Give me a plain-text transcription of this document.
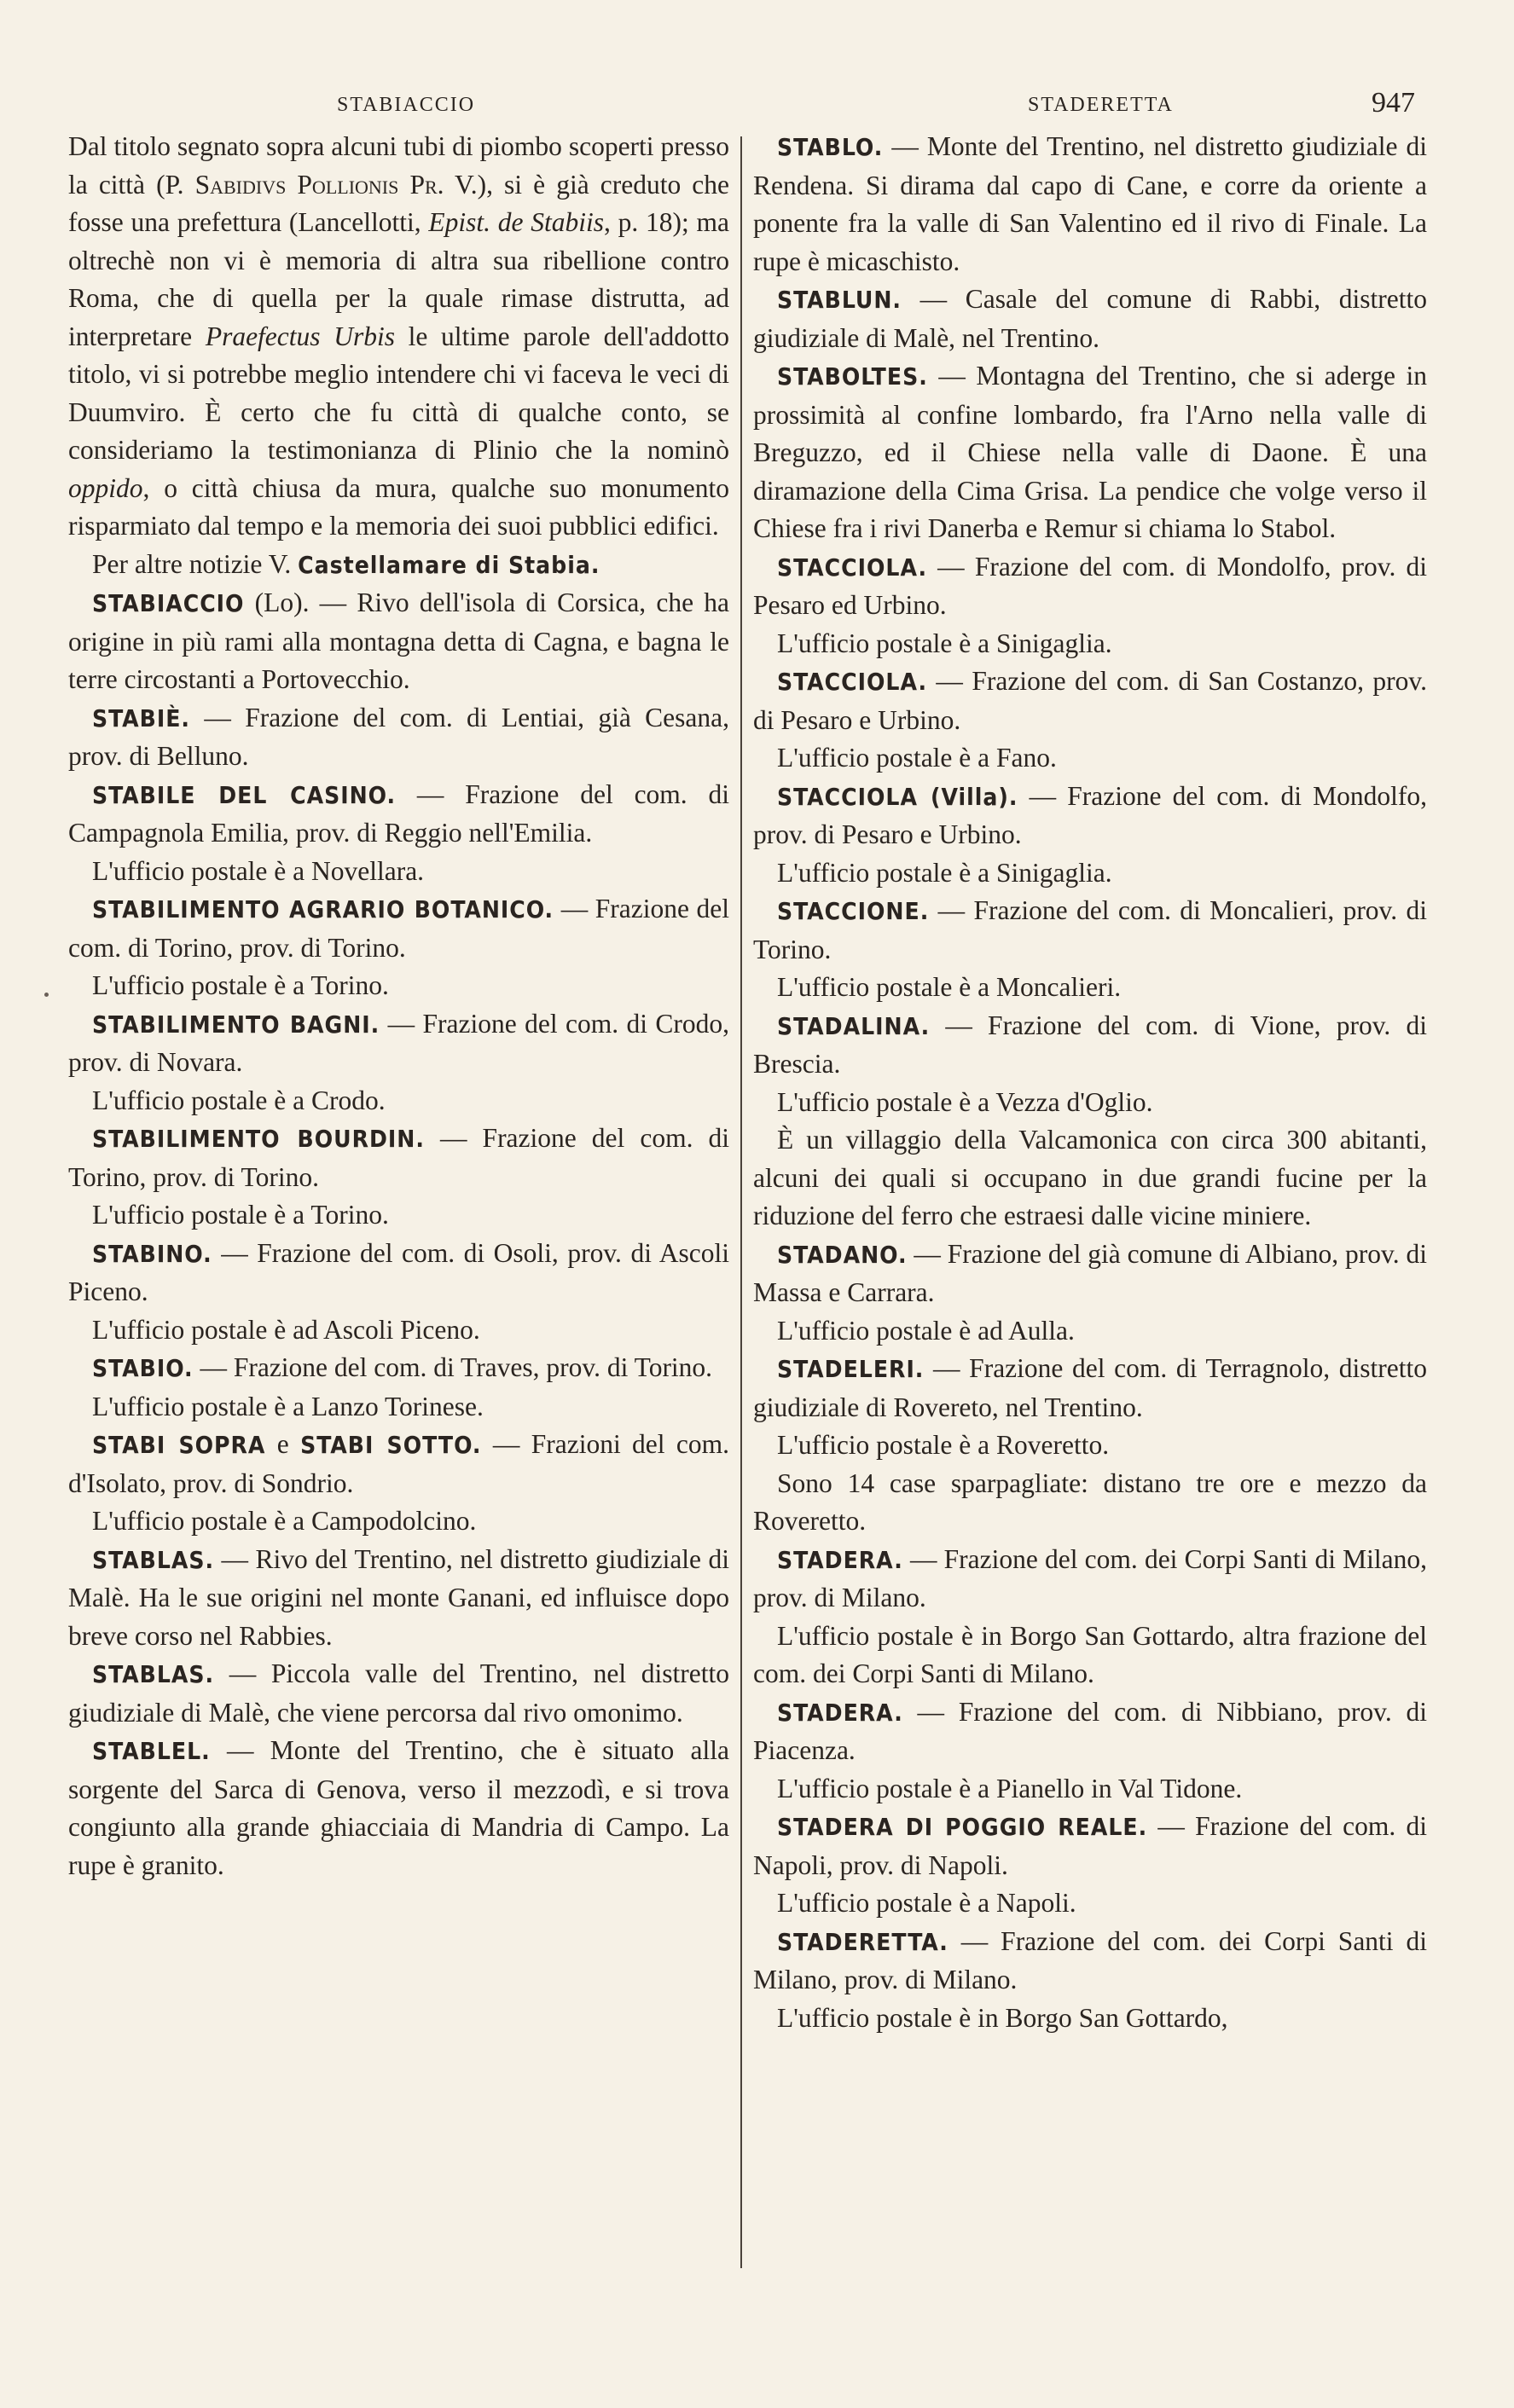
STABIACCIO	STADERETTA	947

Dal titolo segnato sopra alcuni tubi di piombo scoperti presso la città (P. Sabidivs Pollionis Pr. V.), si è già creduto che fosse una prefettura (Lancellotti, Epist. de Stabiis, p. 18); ma oltrechè non vi è memoria di altra sua ribellione contro Roma, che di quella per la quale rimase distrutta, ad interpretare Praefectus Urbis le ultime parole dell'addotto titolo, vi si potrebbe meglio intendere chi vi faceva le veci di Duumviro. È certo che fu città di qualche conto, se consideriamo la testimonianza di Plinio che la nominò oppido, o città chiusa da mura, qualche suo monumento risparmiato dal tempo e la memoria dei suoi pubblici edifici.

Per altre notizie V. Castellamare di Stabia.

STABIACCIO (Lo). — Rivo dell'isola di Corsica, che ha origine in più rami alla montagna detta di Cagna, e bagna le terre circostanti a Portovecchio.

STABIÈ. — Frazione del com. di Lentiai, già Cesana, prov. di Belluno.

STABILE DEL CASINO. — Frazione del com. di Campagnola Emilia, prov. di Reggio nell'Emilia.

L'ufficio postale è a Novellara.

STABILIMENTO AGRARIO BOTANICO. — Frazione del com. di Torino, prov. di Torino.

L'ufficio postale è a Torino.

STABILIMENTO BAGNI. — Frazione del com. di Crodo, prov. di Novara.

L'ufficio postale è a Crodo.

STABILIMENTO BOURDIN. — Frazione del com. di Torino, prov. di Torino.

L'ufficio postale è a Torino.

STABINO. — Frazione del com. di Osoli, prov. di Ascoli Piceno.

L'ufficio postale è ad Ascoli Piceno.

STABIO. — Frazione del com. di Traves, prov. di Torino.

L'ufficio postale è a Lanzo Torinese.

STABI SOPRA e STABI SOTTO. — Frazioni del com. d'Isolato, prov. di Sondrio.

L'ufficio postale è a Campodolcino.

STABLAS. — Rivo del Trentino, nel distretto giudiziale di Malè. Ha le sue origini nel monte Ganani, ed influisce dopo breve corso nel Rabbies.

STABLAS. — Piccola valle del Trentino, nel distretto giudiziale di Malè, che viene percorsa dal rivo omonimo.

STABLEL. — Monte del Trentino, che è situato alla sorgente del Sarca di Genova, verso il mezzodì, e si trova congiunto alla grande ghiacciaia di Mandria di Campo. La rupe è granito.

STABLO. — Monte del Trentino, nel distretto giudiziale di Rendena. Si dirama dal capo di Cane, e corre da oriente a ponente fra la valle di San Valentino ed il rivo di Finale. La rupe è micaschisto.

STABLUN. — Casale del comune di Rabbi, distretto giudiziale di Malè, nel Trentino.

STABOLTES. — Montagna del Trentino, che si aderge in prossimità al confine lombardo, fra l'Arno nella valle di Breguzzo, ed il Chiese nella valle di Daone. È una diramazione della Cima Grisa. La pendice che volge verso il Chiese fra i rivi Danerba e Remur si chiama lo Stabol.

STACCIOLA. — Frazione del com. di Mondolfo, prov. di Pesaro ed Urbino.

L'ufficio postale è a Sinigaglia.

STACCIOLA. — Frazione del com. di San Costanzo, prov. di Pesaro e Urbino.

L'ufficio postale è a Fano.

STACCIOLA (Villa). — Frazione del com. di Mondolfo, prov. di Pesaro e Urbino.

L'ufficio postale è a Sinigaglia.

STACCIONE. — Frazione del com. di Moncalieri, prov. di Torino.

L'ufficio postale è a Moncalieri.

STADALINA. — Frazione del com. di Vione, prov. di Brescia.

L'ufficio postale è a Vezza d'Oglio.

È un villaggio della Valcamonica con circa 300 abitanti, alcuni dei quali si occupano in due grandi fucine per la riduzione del ferro che estraesi dalle vicine miniere.

STADANO. — Frazione del già comune di Albiano, prov. di Massa e Carrara.

L'ufficio postale è ad Aulla.

STADELERI. — Frazione del com. di Terragnolo, distretto giudiziale di Rovereto, nel Trentino.

L'ufficio postale è a Roveretto.

Sono 14 case sparpagliate: distano tre ore e mezzo da Roveretto.

STADERA. — Frazione del com. dei Corpi Santi di Milano, prov. di Milano.

L'ufficio postale è in Borgo San Gottardo, altra frazione del com. dei Corpi Santi di Milano.

STADERA. — Frazione del com. di Nibbiano, prov. di Piacenza.

L'ufficio postale è a Pianello in Val Tidone.

STADERA DI POGGIO REALE. — Frazione del com. di Napoli, prov. di Napoli.

L'ufficio postale è a Napoli.

STADERETTA. — Frazione del com. dei Corpi Santi di Milano, prov. di Milano.

L'ufficio postale è in Borgo San Gottardo,
